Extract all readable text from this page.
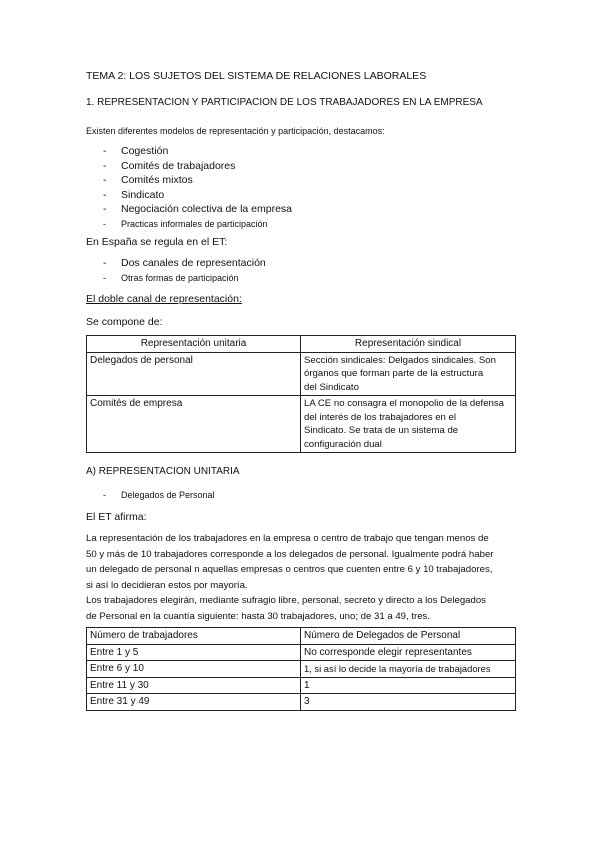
TEMA 2: LOS SUJETOS DEL SISTEMA DE RELACIONES LABORALES
1. REPRESENTACION Y PARTICIPACION DE LOS TRABAJADORES EN LA EMPRESA
Existen diferentes modelos de representación y participación, destacamos:
- Cogestión
- Comités de trabajadores
- Comités mixtos
- Sindicato
- Negociación colectiva de la empresa
- Practicas informales de participación
En España se regula en el ET:
- Dos canales de representación
- Otras formas de participación
El doble canal de representación:
Se compone de:
Representación unitaria	Representación sindical
Delegados de personal	Sección sindicales: Delgados sindicales. Son
órganos que forman parte de la estructura
del Sindicato

Comités de empresa	LA CE no consagra el monopolio de la defensa
del interés de los trabajadores en el
Sindicato. Se trata de un sistema de
configuración dual
A) REPRESENTACION UNITARIA
- Delegados de Personal
El ET afirma:
La representación de los trabajadores en la empresa o centro de trabajo que tengan menos de
50 y más de 10 trabajadores corresponde a los delegados de personal. Igualmente podrá haber
un delegado de personal n aquellas empresas o centros que cuenten entre 6 y 10 trabajadores,
si así lo decidieran estos por mayoría.
Los trabajadores elegirán, mediante sufragio libre, personal, secreto y directo a los Delegados
de Personal en la cuantía siguiente: hasta 30 trabajadores, uno; de 31 a 49, tres.
Número de trabajadores	Número de Delegados de Personal
Entre 1 y 5	No corresponde elegir representantes
Entre 6 y 10	1, si así lo decide la mayoría de trabajadores
Entre 11 y 30	1
Entre 31 y 49	3
